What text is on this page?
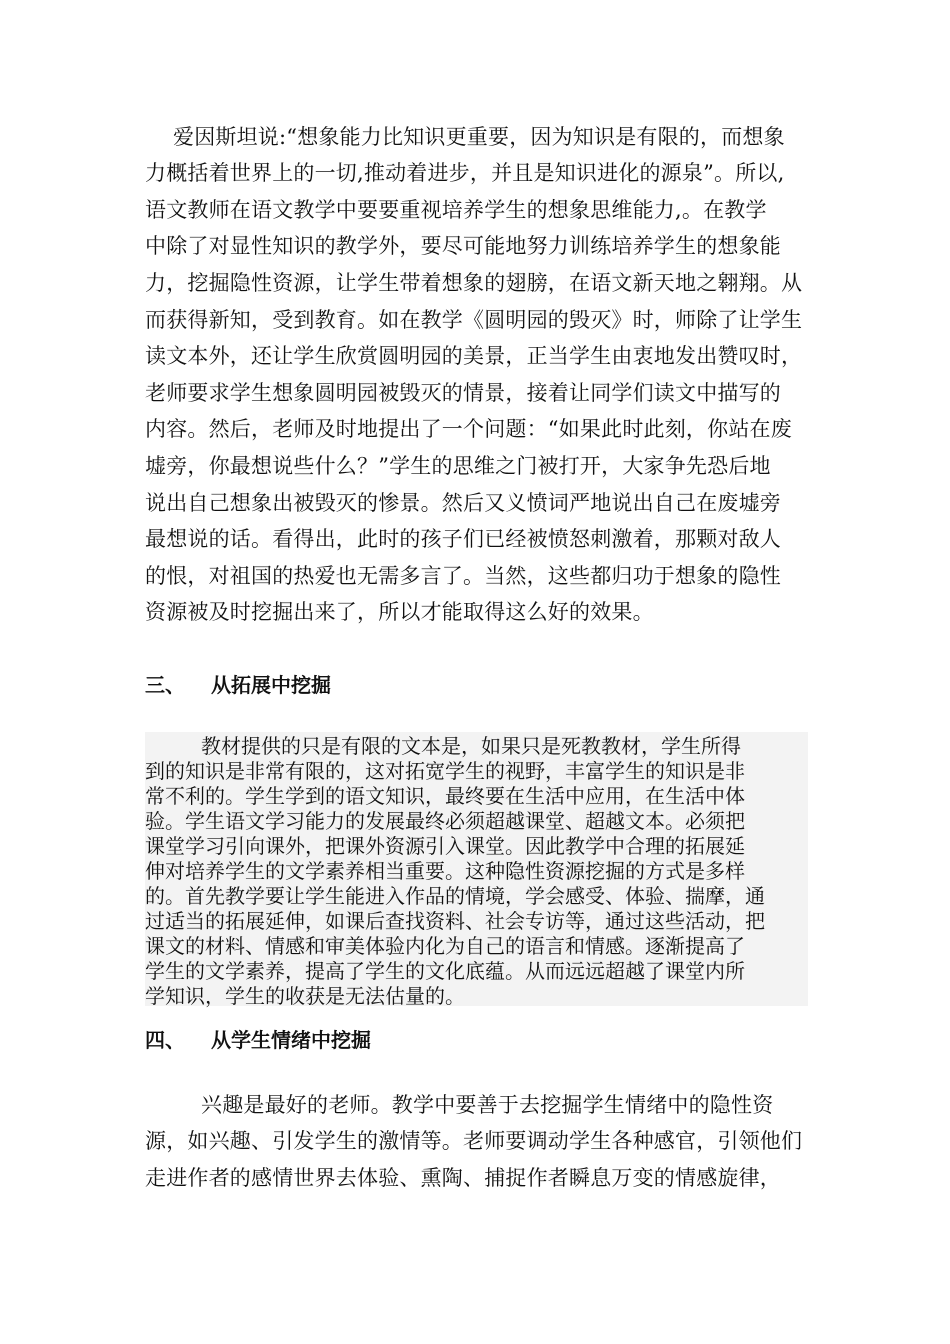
爱因斯坦说:“想象能力比知识更重要，因为知识是有限的，而想象
力概括着世界上的一切,推动着进步，并且是知识进化的源泉”。所以,
语文教师在语文教学中要要重视培养学生的想象思维能力,。在教学
中除了对显性知识的教学外，要尽可能地努力训练培养学生的想象能
力，挖掘隐性资源，让学生带着想象的翅膀，在语文新天地之翱翔。从
而获得新知，受到教育。如在教学《圆明园的毁灭》时，师除了让学生
读文本外，还让学生欣赏圆明园的美景，正当学生由衷地发出赞叹时，
老师要求学生想象圆明园被毁灭的情景，接着让同学们读文中描写的
内容。然后，老师及时地提出了一个问题：“如果此时此刻，你站在废
墟旁，你最想说些什么？”学生的思维之门被打开，大家争先恐后地
说出自己想象出被毁灭的惨景。然后又义愤词严地说出自己在废墟旁
最想说的话。看得出，此时的孩子们已经被愤怒刺激着，那颗对敌人
的恨，对祖国的热爱也无需多言了。当然，这些都归功于想象的隐性
资源被及时挖掘出来了，所以才能取得这么好的效果。
三、 从拓展中挖掘
教材提供的只是有限的文本是，如果只是死教教材，学生所得
到的知识是非常有限的，这对拓宽学生的视野，丰富学生的知识是非
常不利的。学生学到的语文知识，最终要在生活中应用，在生活中体
验。学生语文学习能力的发展最终必须超越课堂、超越文本。必须把
课堂学习引向课外，把课外资源引入课堂。因此教学中合理的拓展延
伸对培养学生的文学素养相当重要。这种隐性资源挖掘的方式是多样
的。首先教学要让学生能进入作品的情境，学会感受、体验、揣摩，通
过适当的拓展延伸，如课后查找资料、社会专访等，通过这些活动，把
课文的材料、情感和审美体验内化为自己的语言和情感。逐渐提高了
学生的文学素养，提高了学生的文化底蕴。从而远远超越了课堂内所
学知识，学生的收获是无法估量的。
四、 从学生情绪中挖掘
兴趣是最好的老师。教学中要善于去挖掘学生情绪中的隐性资
源，如兴趣、引发学生的激情等。老师要调动学生各种感官，引领他们
走进作者的感情世界去体验、熏陶、捕捉作者瞬息万变的情感旋律，
